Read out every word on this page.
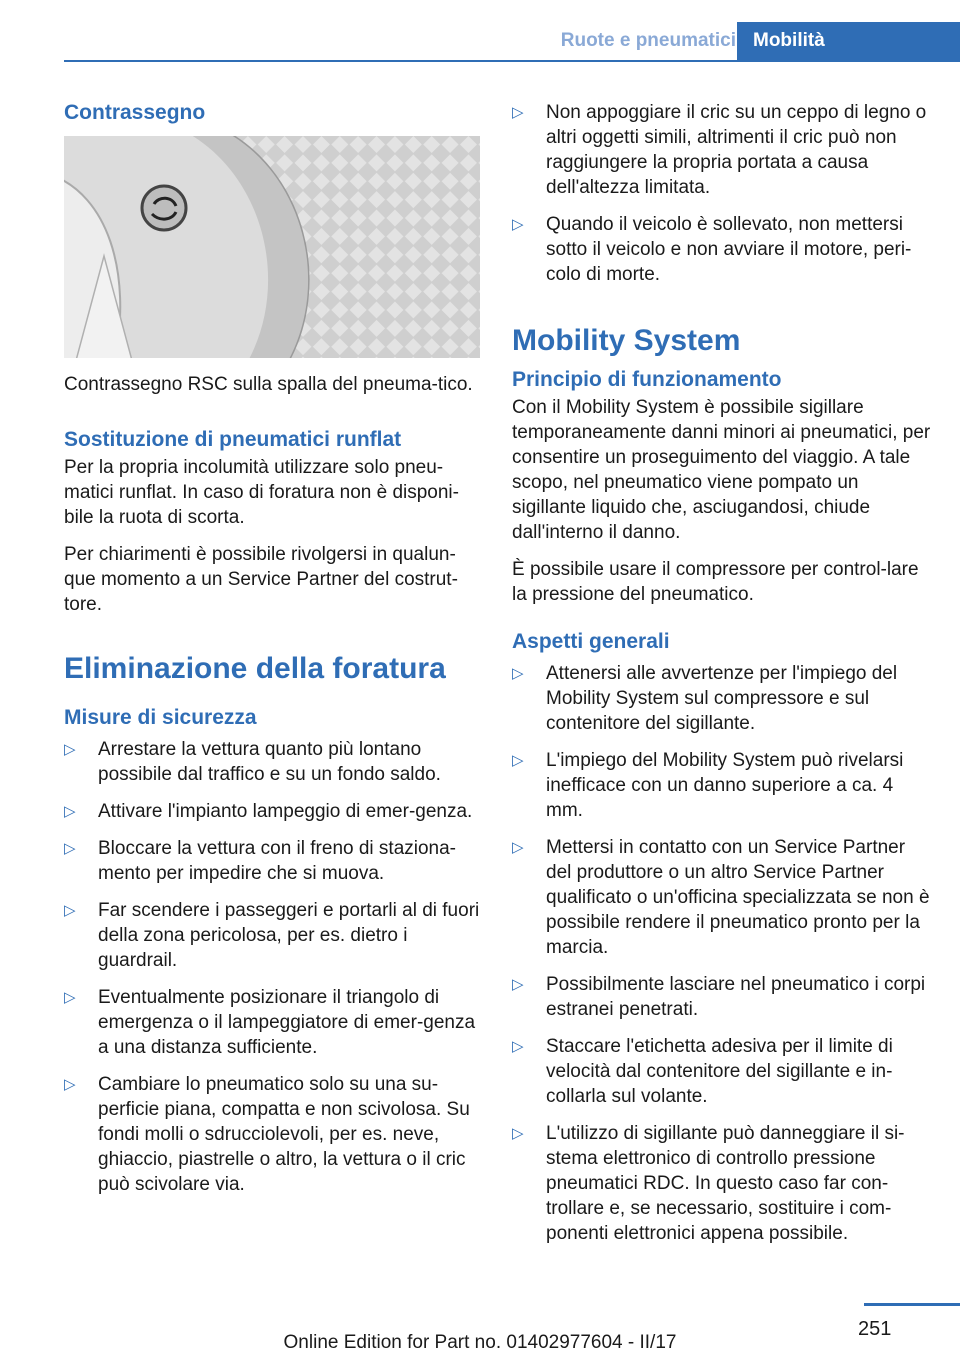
Ruote e pneumatici Mobilità
Contrassegno

Contrassegno RSC sulla spalla del pneuma-tico.

Sostituzione di pneumatici runflat

Per la propria incolumità utilizzare solo pneu-matici runflat. In caso di foratura non è disponi-bile la ruota di scorta.

Per chiarimenti è possibile rivolgersi in qualun-que momento a un Service Partner del costrut-tore.

Eliminazione della foratura
Misure di sicurezza
▷ Arrestare la vettura quanto più lontano possibile dal traffico e su un fondo saldo.
▷ Attivare l'impianto lampeggio di emer-genza.
▷ Bloccare la vettura con il freno di staziona-mento per impedire che si muova.
▷ Far scendere i passeggeri e portarli al di fuori della zona pericolosa, per es. dietro i guardrail.
▷ Eventualmente posizionare il triangolo di emergenza o il lampeggiatore di emer-genza a una distanza sufficiente.
▷ Cambiare lo pneumatico solo su una su-perficie piana, compatta e non scivolosa. Su fondi molli o sdrucciolevoli, per es. neve, ghiaccio, piastrelle o altro, la vettura o il cric può scivolare via.
▷ Non appoggiare il cric su un ceppo di legno o altri oggetti simili, altrimenti il cric può non raggiungere la propria portata a causa dell'altezza limitata.
▷ Quando il veicolo è sollevato, non mettersi sotto il veicolo e non avviare il motore, peri-colo di morte.
Mobility System
Principio di funzionamento

Con il Mobility System è possibile sigillare temporaneamente danni minori ai pneumatici, per consentire un proseguimento del viaggio. A tale scopo, nel pneumatico viene pompato un sigillante liquido che, asciugandosi, chiude dall'interno il danno.

È possibile usare il compressore per control-lare la pressione del pneumatico.

Aspetti generali
▷ Attenersi alle avvertenze per l'impiego del Mobility System sul compressore e sul contenitore del sigillante.
▷ L'impiego del Mobility System può rivelarsi inefficace con un danno superiore a ca. 4 mm.
▷ Mettersi in contatto con un Service Partner del produttore o un altro Service Partner qualificato o un'officina specializzata se non è possibile rendere il pneumatico pronto per la marcia.
▷ Possibilmente lasciare nel pneumatico i corpi estranei penetrati.
▷ Staccare l'etichetta adesiva per il limite di velocità dal contenitore del sigillante e in-collarla sul volante.
▷ L'utilizzo di sigillante può danneggiare il si-stema elettronico di controllo pressione pneumatici RDC. In questo caso far con-trollare e, se necessario, sostituire i com-ponenti elettronici appena possibile.
251
Online Edition for Part no. 01402977604 - II/17
